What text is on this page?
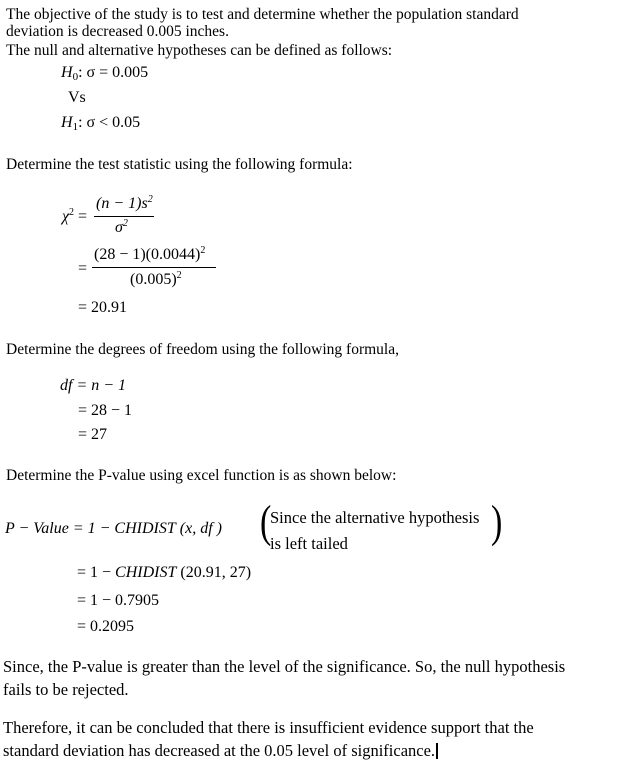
The objective of the study is to test and determine whether the population standard
deviation is decreased 0.005 inches.
The null and alternative hypotheses can be defined as follows:
$H_0$: σ = 0.005
Vs
$H_1$: σ < 0.05
Determine the test statistic using the following formula:
$\chi^2$ =
$(n - 1)s^2$
$\sigma^2$
=
$(28 - 1)(0.0044)^2$
$(0.005)^2$
= 20.91
Determine the degrees of freedom using the following formula,
df = n − 1
= 28 − 1
= 27
Determine the P-value using excel function is as shown below:
P − Value = 1 − CHIDIST (x, df ) (
Since the alternative hypothesis
is left tailed	)
= 1 − CHIDIST (20.91, 27)
= 1 − 0.7905
= 0.2095
Since, the P-value is greater than the level of the significance. So, the null hypothesis
fails to be rejected.
Therefore, it can be concluded that there is insufficient evidence support that the
standard deviation has decreased at the 0.05 level of significance.
